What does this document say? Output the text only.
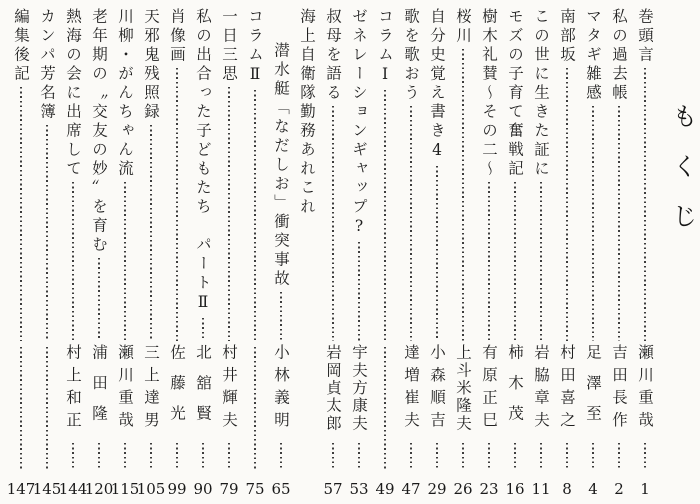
もくじ
巻頭言
瀬川重哉
1
私の過去帳
吉田長作
2
マタギ雑感
足澤至
4
南部坂
村田喜之
8
この世に生きた証に
岩脇章夫
11
モズの子育て奮戦記
柿木茂
16
樹木礼賛〜その二〜
有原正巳
23
桜川
上斗米隆夫
26
自分史覚え書き4
小森順吉
29
歌を歌おう
達増崔夫
47
コラムⅠ
49
ゼネレーションギャップ?
宇夫方康夫
53
叔母を語る
岩岡貞太郎
57
海上自衛隊勤務あれこれ
潜水艇「なだしお」衝突事故
小林義明
65
コラムⅡ
75
一日三思
村井輝夫
79
私の出合った子どもたち　パートⅡ
北舘賢
90
肖像画
佐藤光
99
天邪鬼残照録
三上達男
105
川柳・がんちゃん流
瀬川重哉
115
老年期の〝交友の妙〟を育む
浦田隆
120
熱海の会に出席して
村上和正
144
カンパ芳名簿
145
編集後記
147
